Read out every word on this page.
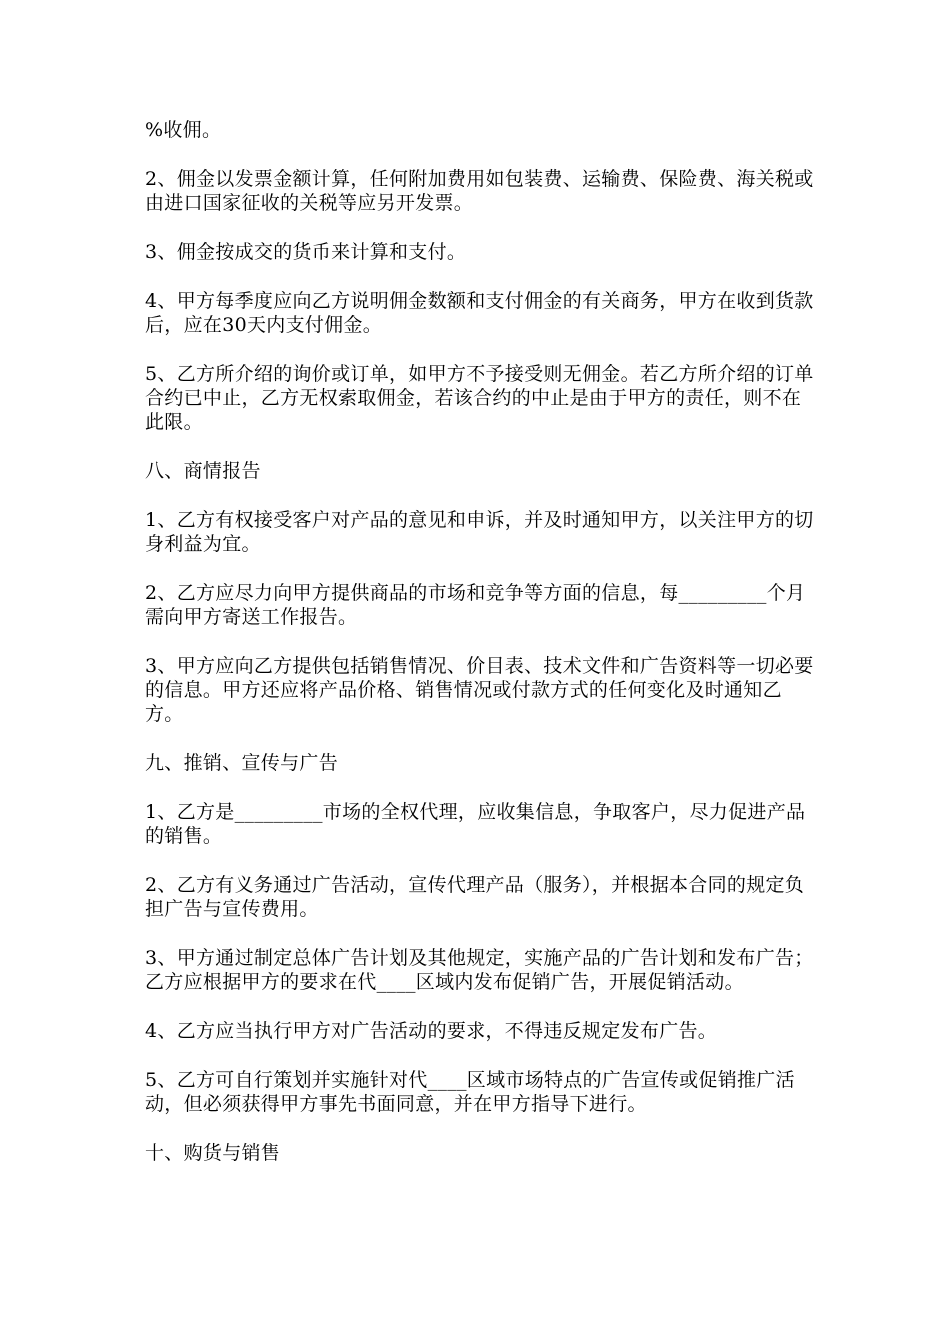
%收佣。

2、佣金以发票金额计算，任何附加费用如包装费、运输费、保险费、海关税或由进口国家征收的关税等应另开发票。

3、佣金按成交的货币来计算和支付。

4、甲方每季度应向乙方说明佣金数额和支付佣金的有关商务，甲方在收到货款后，应在30天内支付佣金。

5、乙方所介绍的询价或订单，如甲方不予接受则无佣金。若乙方所介绍的订单合约已中止，乙方无权索取佣金，若该合约的中止是由于甲方的责任，则不在此限。

八、商情报告

1、乙方有权接受客户对产品的意见和申诉，并及时通知甲方，以关注甲方的切身利益为宜。

2、乙方应尽力向甲方提供商品的市场和竞争等方面的信息，每_________个月需向甲方寄送工作报告。

3、甲方应向乙方提供包括销售情况、价目表、技术文件和广告资料等一切必要的信息。甲方还应将产品价格、销售情况或付款方式的任何变化及时通知乙方。

九、推销、宣传与广告

1、乙方是_________市场的全权代理，应收集信息，争取客户，尽力促进产品的销售。

2、乙方有义务通过广告活动，宣传代理产品（服务），并根据本合同的规定负担广告与宣传费用。

3、甲方通过制定总体广告计划及其他规定，实施产品的广告计划和发布广告；乙方应根据甲方的要求在代____区域内发布促销广告，开展促销活动。

4、乙方应当执行甲方对广告活动的要求，不得违反规定发布广告。

5、乙方可自行策划并实施针对代____区域市场特点的广告宣传或促销推广活动，但必须获得甲方事先书面同意，并在甲方指导下进行。

十、购货与销售
